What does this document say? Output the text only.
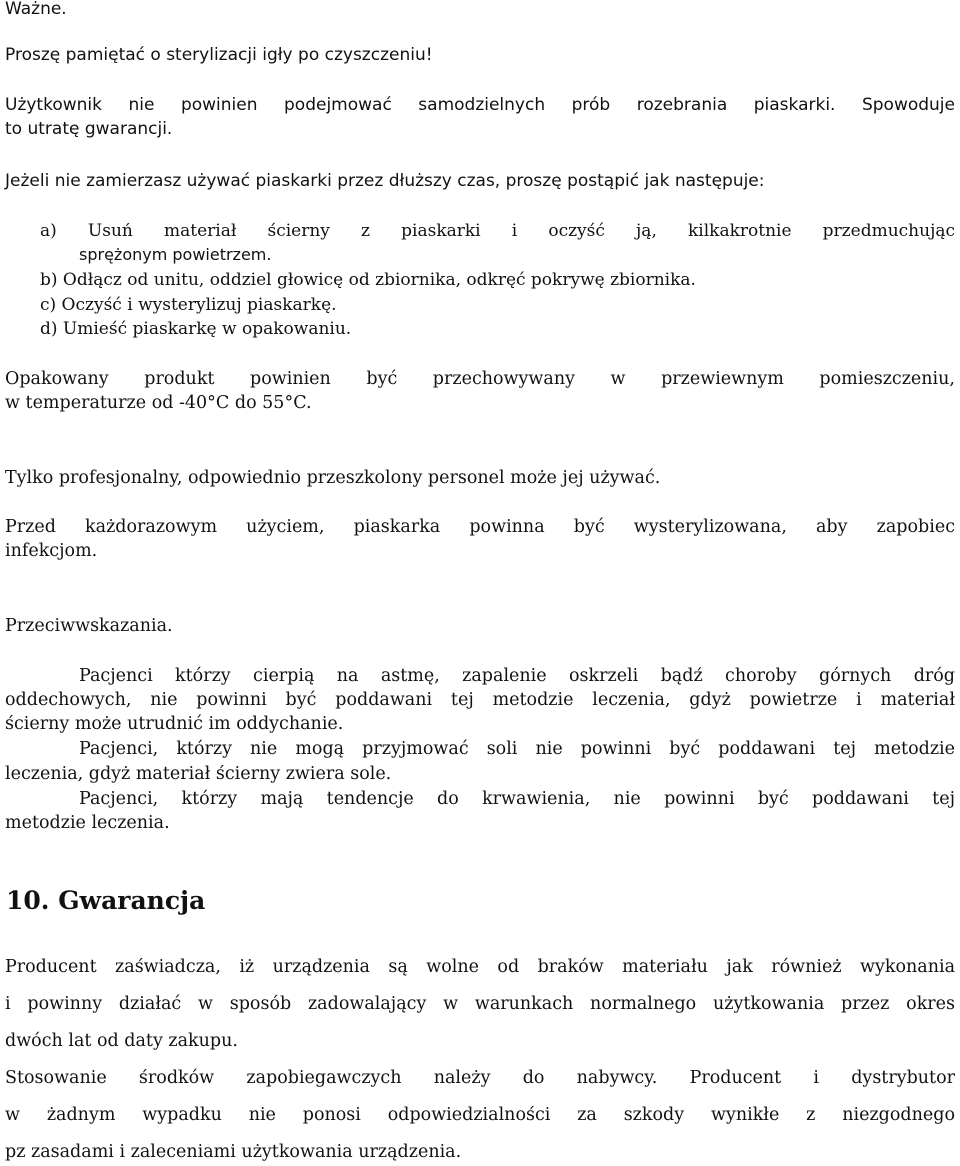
Ważne.
Proszę pamiętać o sterylizacji igły po czyszczeniu!
Użytkownik nie powinien podejmować samodzielnych prób rozebrania piaskarki. Spowoduje
to utratę gwarancji.
Jeżeli nie zamierzasz używać piaskarki przez dłuższy czas, proszę postąpić jak następuje:
a) Usuń materiał ścierny z piaskarki i oczyść ją, kilkakrotnie przedmuchując
sprężonym powietrzem.
b) Odłącz od unitu, oddziel głowicę od zbiornika, odkręć pokrywę zbiornika.
c) Oczyść i wysterylizuj piaskarkę.
d) Umieść piaskarkę w opakowaniu.
Opakowany produkt powinien być przechowywany w przewiewnym pomieszczeniu,
w temperaturze od -40°C do 55°C.
Tylko profesjonalny, odpowiednio przeszkolony personel może jej używać.
Przed każdorazowym użyciem, piaskarka powinna być wysterylizowana, aby zapobiec
infekcjom.
Przeciwwskazania.
Pacjenci którzy cierpią na astmę, zapalenie oskrzeli bądź choroby górnych dróg
oddechowych, nie powinni być poddawani tej metodzie leczenia, gdyż powietrze i materiał
ścierny może utrudnić im oddychanie.
Pacjenci, którzy nie mogą przyjmować soli nie powinni być poddawani tej metodzie
leczenia, gdyż materiał ścierny zwiera sole.
Pacjenci, którzy mają tendencje do krwawienia, nie powinni być poddawani tej
metodzie leczenia.
10. Gwarancja
Producent zaświadcza, iż urządzenia są wolne od braków materiału jak również wykonania
i powinny działać w sposób zadowalający w warunkach normalnego użytkowania przez okres
dwóch lat od daty zakupu.
Stosowanie środków zapobiegawczych należy do nabywcy. Producent i dystrybutor
w żadnym wypadku nie ponosi odpowiedzialności za szkody wynikłe z niezgodnego
pz zasadami i zaleceniami użytkowania urządzenia.
